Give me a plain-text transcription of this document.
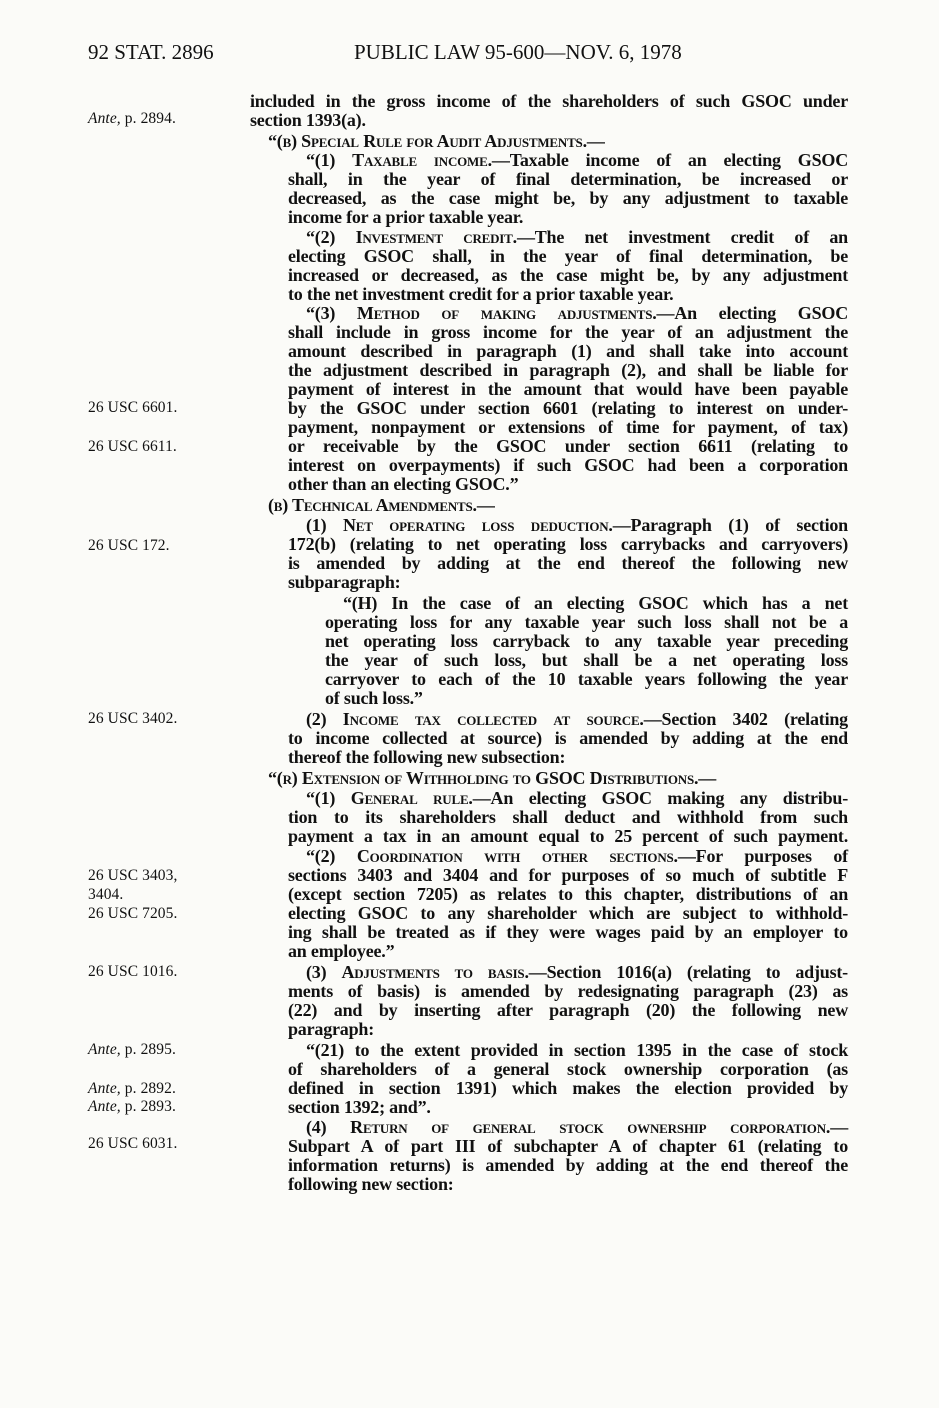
92 STAT. 2896	PUBLIC LAW 95-600—NOV. 6, 1978
Ante, p. 2894.
26 USC 6601.
26 USC 6611.
26 USC 172.
26 USC 3402.
26 USC 3403,
3404.
26 USC 7205.
26 USC 1016.
Ante, p. 2895.
Ante, p. 2892.
Ante, p. 2893.
26 USC 6031.
included in the gross income of the shareholders of such GSOC under
section 1393(a).
“(b) Special Rule for Audit Adjustments.—
“(1) Taxable income.—Taxable income of an electing GSOC
shall, in the year of final determination, be increased or
decreased, as the case might be, by any adjustment to taxable
income for a prior taxable year.
“(2) Investment credit.—The net investment credit of an
electing GSOC shall, in the year of final determination, be
increased or decreased, as the case might be, by any adjustment
to the net investment credit for a prior taxable year.
“(3) Method of making adjustments.—An electing GSOC
shall include in gross income for the year of an adjustment the
amount described in paragraph (1) and shall take into account
the adjustment described in paragraph (2), and shall be liable for
payment of interest in the amount that would have been payable
by the GSOC under section 6601 (relating to interest on under-
payment, nonpayment or extensions of time for payment, of tax)
or receivable by the GSOC under section 6611 (relating to
interest on overpayments) if such GSOC had been a corporation
other than an electing GSOC.”
(b) Technical Amendments.—
(1) Net operating loss deduction.—Paragraph (1) of section
172(b) (relating to net operating loss carrybacks and carryovers)
is amended by adding at the end thereof the following new
subparagraph:
“(H) In the case of an electing GSOC which has a net
operating loss for any taxable year such loss shall not be a
net operating loss carryback to any taxable year preceding
the year of such loss, but shall be a net operating loss
carryover to each of the 10 taxable years following the year
of such loss.”
(2) Income tax collected at source.—Section 3402 (relating
to income collected at source) is amended by adding at the end
thereof the following new subsection:
“(r) Extension of Withholding to GSOC Distributions.—
“(1) General rule.—An electing GSOC making any distribu-
tion to its shareholders shall deduct and withhold from such
payment a tax in an amount equal to 25 percent of such payment.
“(2) Coordination with other sections.—For purposes of
sections 3403 and 3404 and for purposes of so much of subtitle F
(except section 7205) as relates to this chapter, distributions of an
electing GSOC to any shareholder which are subject to withhold-
ing shall be treated as if they were wages paid by an employer to
an employee.”
(3) Adjustments to basis.—Section 1016(a) (relating to adjust-
ments of basis) is amended by redesignating paragraph (23) as
(22) and by inserting after paragraph (20) the following new
paragraph:
“(21) to the extent provided in section 1395 in the case of stock
of shareholders of a general stock ownership corporation (as
defined in section 1391) which makes the election provided by
section 1392; and”.
(4) Return of general stock ownership corporation.—
Subpart A of part III of subchapter A of chapter 61 (relating to
information returns) is amended by adding at the end thereof the
following new section:
